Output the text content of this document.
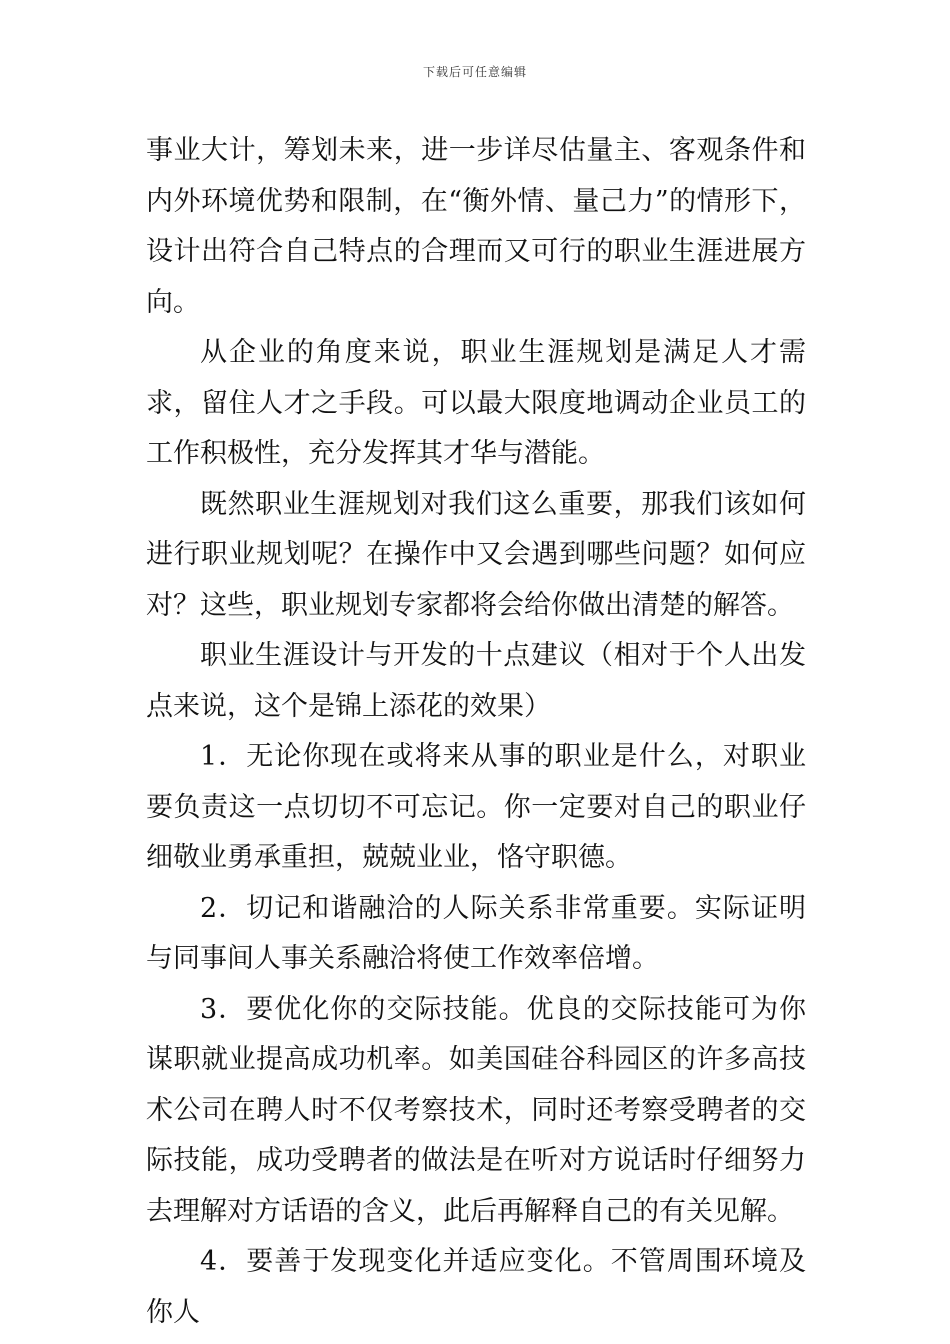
下载后可任意编辑

事业大计，筹划未来，进一步详尽估量主、客观条件和内外环境优势和限制，在“衡外情、量己力”的情形下，设计出符合自己特点的合理而又可行的职业生涯进展方向。

从企业的角度来说，职业生涯规划是满足人才需求，留住人才之手段。可以最大限度地调动企业员工的工作积极性，充分发挥其才华与潜能。

既然职业生涯规划对我们这么重要，那我们该如何进行职业规划呢？在操作中又会遇到哪些问题？如何应对？这些，职业规划专家都将会给你做出清楚的解答。

职业生涯设计与开发的十点建议（相对于个人出发点来说，这个是锦上添花的效果）

1．无论你现在或将来从事的职业是什么，对职业要负责这一点切切不可忘记。你一定要对自己的职业仔细敬业勇承重担，兢兢业业，恪守职德。

2．切记和谐融洽的人际关系非常重要。实际证明与同事间人事关系融洽将使工作效率倍增。

3．要优化你的交际技能。优良的交际技能可为你谋职就业提高成功机率。如美国硅谷科园区的许多高技术公司在聘人时不仅考察技术，同时还考察受聘者的交际技能，成功受聘者的做法是在听对方说话时仔细努力去理解对方话语的含义，此后再解释自己的有关见解。

4．要善于发现变化并适应变化。不管周围环境及你人
